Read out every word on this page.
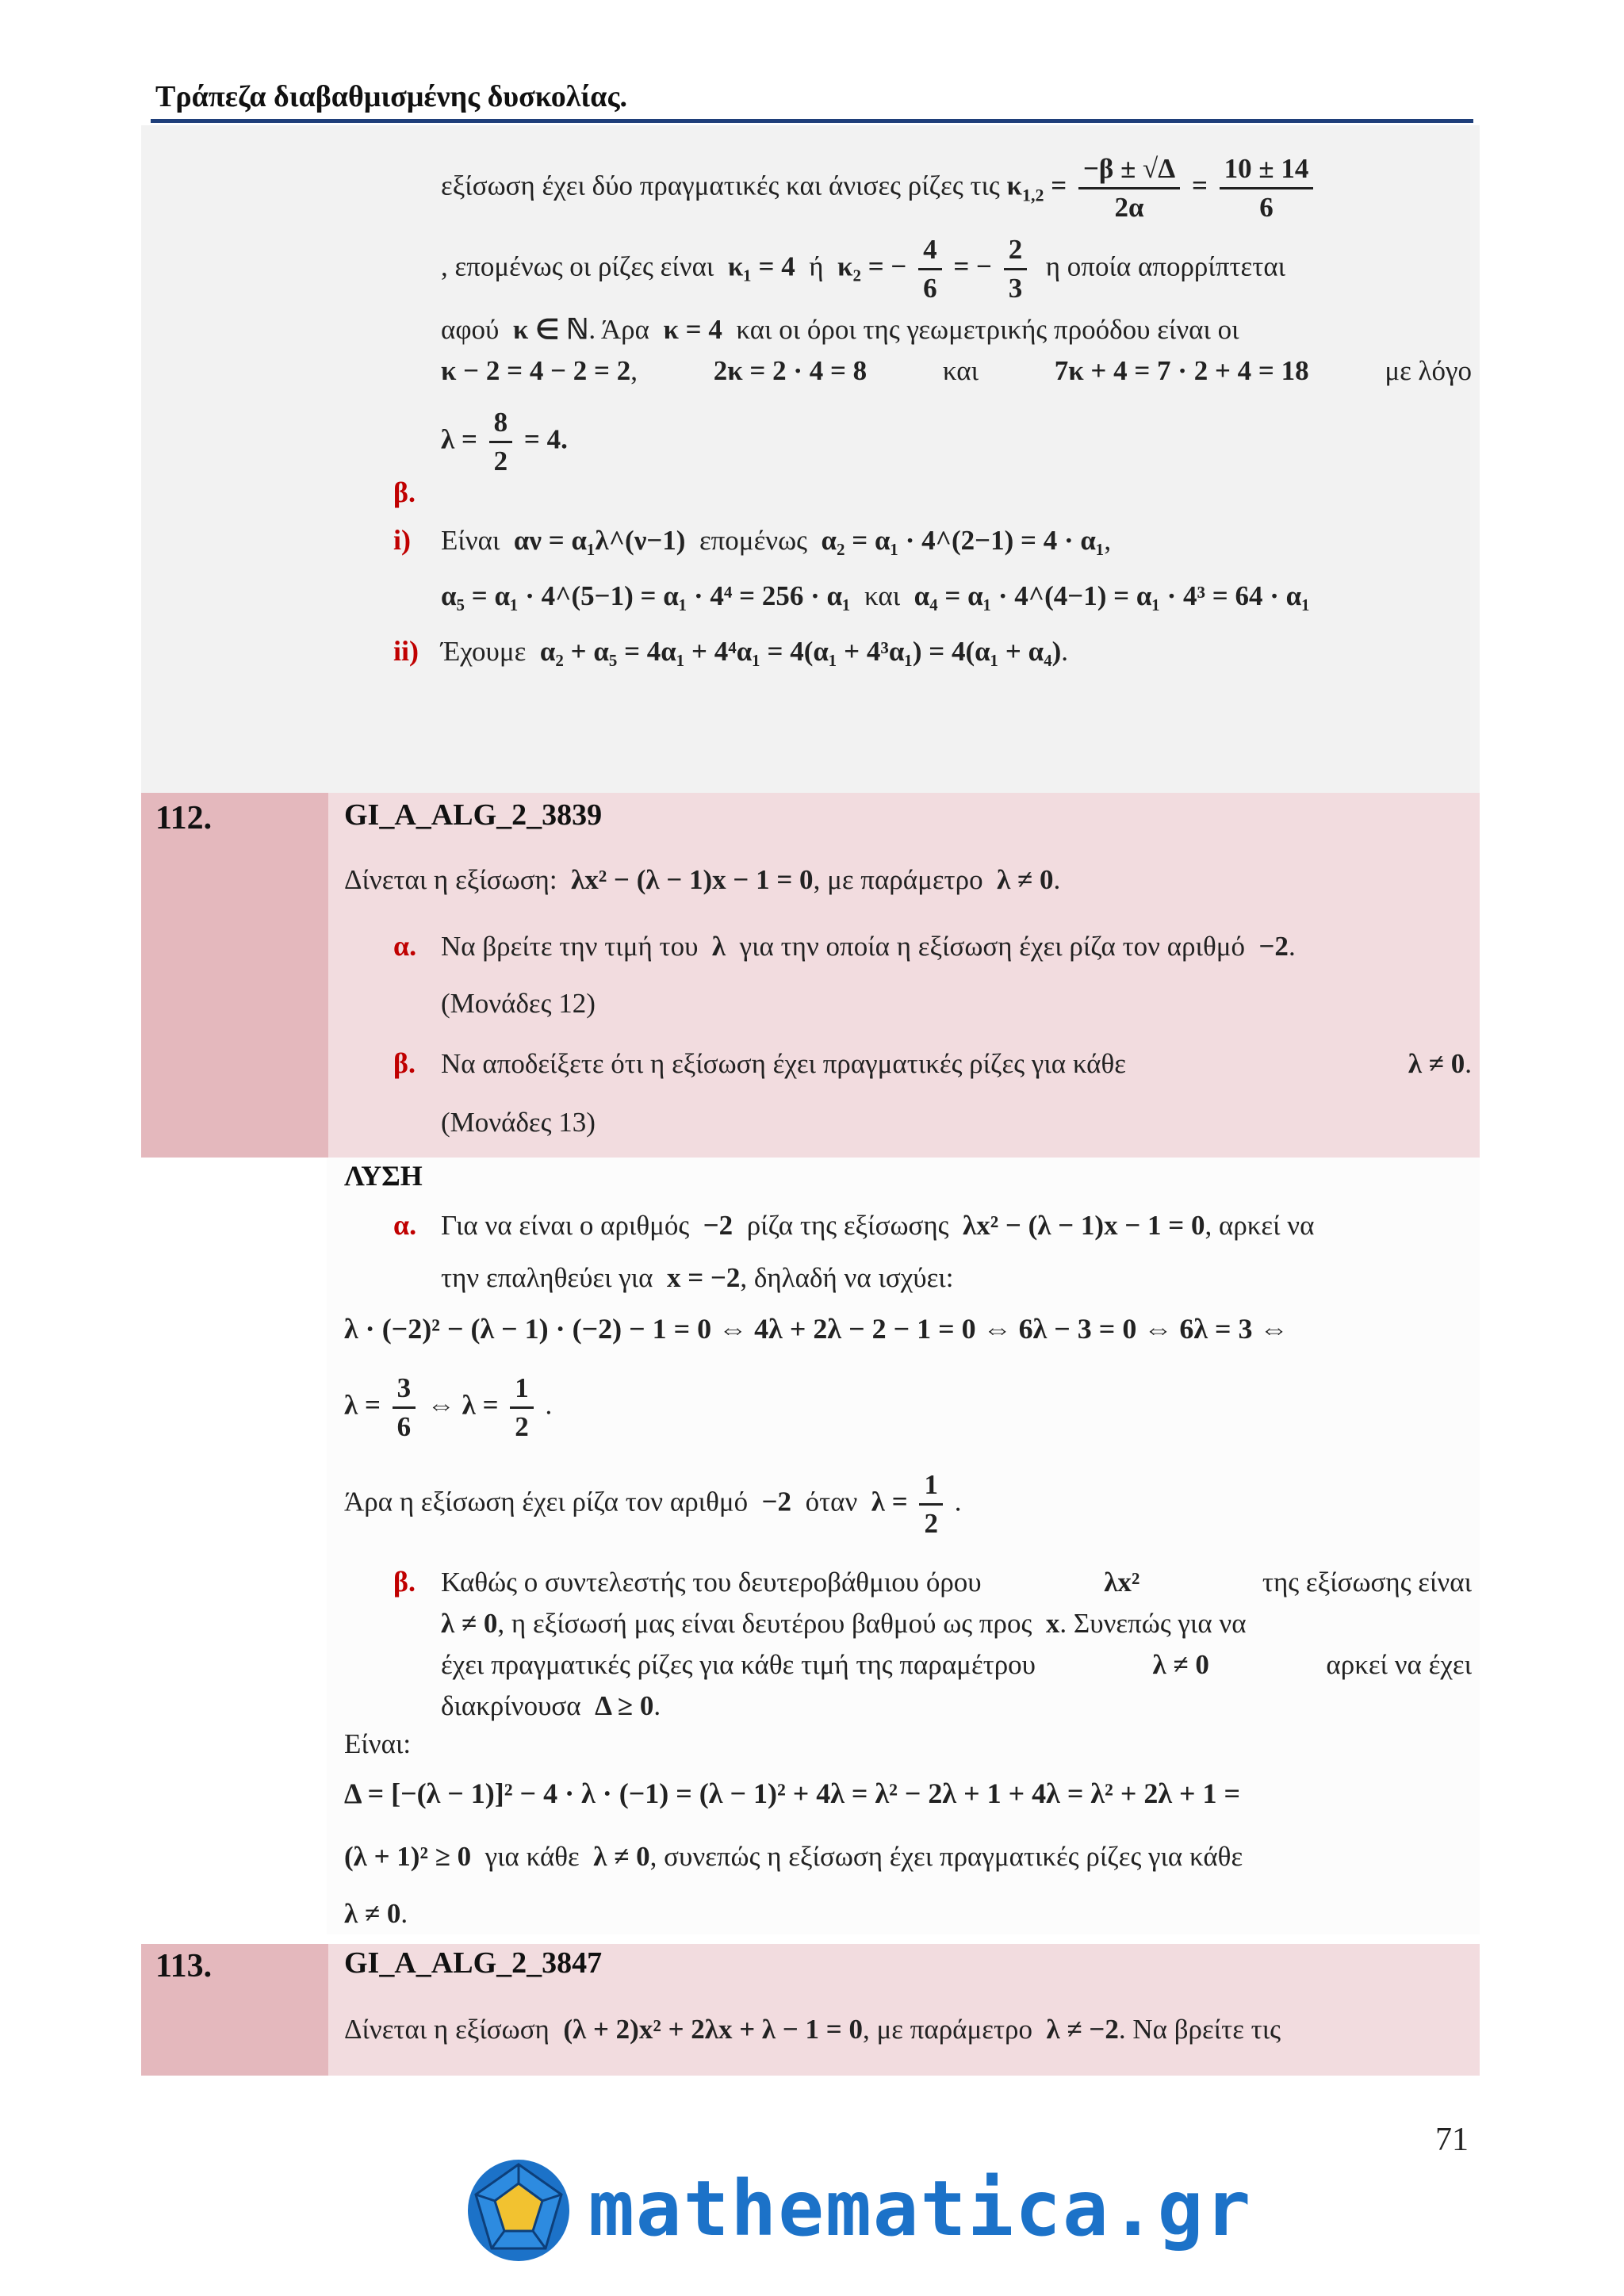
Τράπεζα διαβαθμισμένης δυσκολίας.
εξίσωση έχει δύο πραγματικές και άνισες ρίζες τις $\kappa_{1,2} = \frac{-\beta \pm √\Delta}{2\alpha} = \frac{10 \pm 14}{6}$
, επομένως οι ρίζες είναι κ₁ = 4 ή κ₂ = − $\frac{4}{6}$ = − $\frac{2}{3}$ η οποία απορρίπτεται
αφού κ ∈ ℕ. Άρα κ = 4 και οι όροι της γεωμετρικής προόδου είναι οι
κ − 2 = 4 − 2 = 2,	2κ = 2 · 4 = 8	και	7κ + 4 = 7 · 2 + 4 = 18	με λόγο
$\lambda = \frac{8}{2} = 4$.
β.
i) Είναι αν = α₁λ^(ν−1) επομένως α₂ = α₁ · 4^(2−1) = 4 · α₁,
α₅ = α₁ · 4^(5−1) = α₁ · 4⁴ = 256 · α₁ και α₄ = α₁ · 4^(4−1) = α₁ · 4³ = 64 · α₁
ii) Έχουμε α₂ + α₅ = 4α₁ + 4⁴α₁ = 4(α₁ + 4³α₁) = 4(α₁ + α₄).
112.	GI_A_ALG_2_3839
Δίνεται η εξίσωση: λx² − (λ − 1)x − 1 = 0, με παράμετρο λ ≠ 0.
α. Να βρείτε την τιμή του λ για την οποία η εξίσωση έχει ρίζα τον αριθμό −2.
(Μονάδες 12)
β. Να αποδείξετε ότι η εξίσωση έχει πραγματικές ρίζες για κάθε	λ ≠ 0.
(Μονάδες 13)
ΛΥΣΗ
α. Για να είναι ο αριθμός −2 ρίζα της εξίσωσης λx² − (λ − 1)x − 1 = 0, αρκεί να
την επαληθεύει για x = −2, δηλαδή να ισχύει:
λ · (−2)² − (λ − 1) · (−2) − 1 = 0 ⇔ 4λ + 2λ − 2 − 1 = 0 ⇔ 6λ − 3 = 0 ⇔ 6λ = 3 ⇔
$\lambda = \frac{3}{6}$ ⇔ $\lambda = \frac{1}{2}$ .
Άρα η εξίσωση έχει ρίζα τον αριθμό −2 όταν $\lambda = \frac{1}{2}$ .
β. Καθώς ο συντελεστής του δευτεροβάθμιου όρου	λx²	της εξίσωσης είναι
λ ≠ 0, η εξίσωσή μας είναι δευτέρου βαθμού ως προς x. Συνεπώς για να
έχει πραγματικές ρίζες για κάθε τιμή της παραμέτρου	λ ≠ 0	αρκεί να έχει
διακρίνουσα Δ ≥ 0.
Είναι:
Δ = [−(λ − 1)]² − 4 · λ · (−1) = (λ − 1)² + 4λ = λ² − 2λ + 1 + 4λ = λ² + 2λ + 1 =
(λ + 1)² ≥ 0 για κάθε λ ≠ 0, συνεπώς η εξίσωση έχει πραγματικές ρίζες για κάθε
λ ≠ 0.
113.	GI_A_ALG_2_3847
Δίνεται η εξίσωση (λ + 2)x² + 2λx + λ − 1 = 0, με παράμετρο λ ≠ −2. Να βρείτε τις
71
mathematica.gr
